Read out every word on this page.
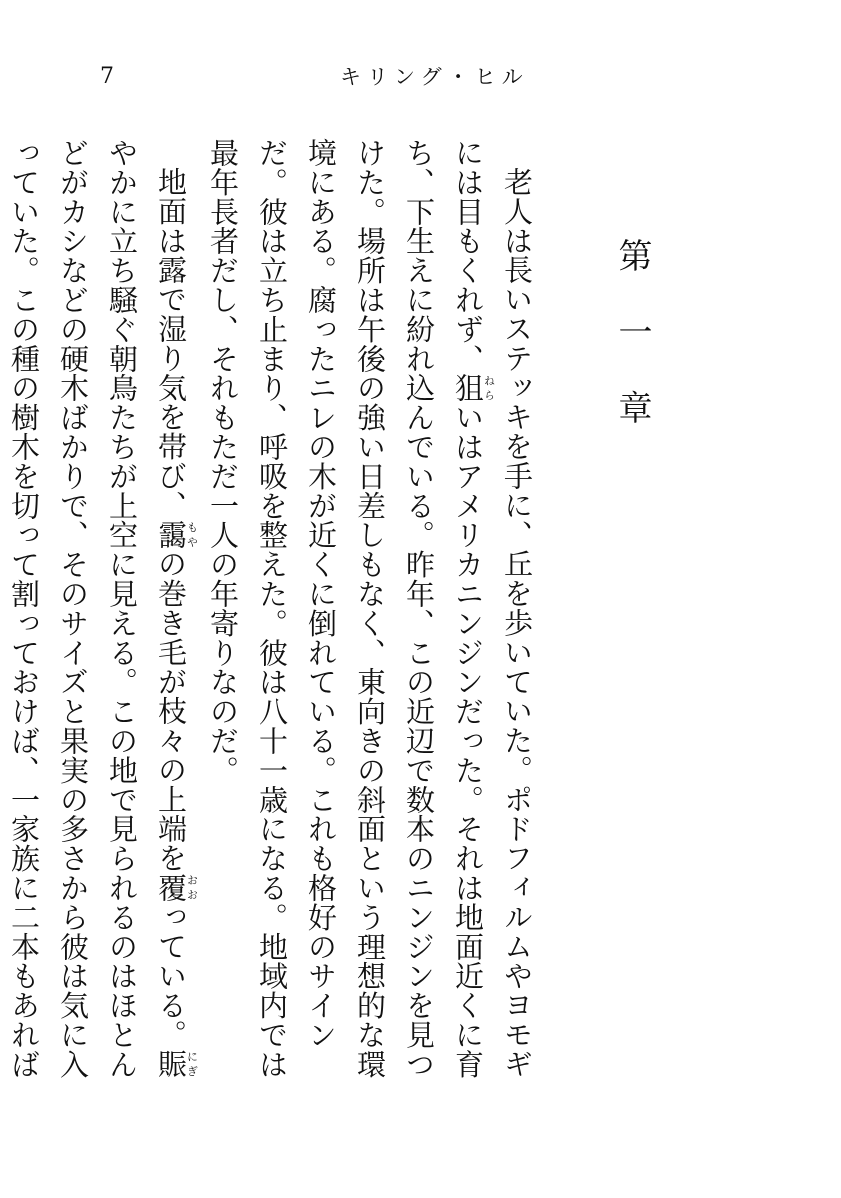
7	キリング・ヒル
第一章

老人は長いステッキを手に、丘を歩いていた。ポドフィルムやヨモギには目もくれず、狙ねらいはアメリカニンジンだった。それは地面近くに育ち、下生えに紛れ込んでいる。昨年、この近辺で数本のニンジンを見つけた。場所は午後の強い日差しもなく、東向きの斜面という理想的な環境にある。腐ったニレの木が近くに倒れている。これも格好のサインだ。彼は立ち止まり、呼吸を整えた。彼は八十一歳になる。地域内では最年長者だし、それもただ一人の年寄りなのだ。

地面は露で湿り気を帯び、靄もやの巻き毛が枝々の上端を覆おおっている。賑にぎやかに立ち騒ぐ朝鳥たちが上空に見える。この地で見られるのはほとんどがカシなどの硬木ばかりで、そのサイズと果実の多さから彼は気に入っていた。この種の樹木を切って割っておけば、一家族に二本もあれば
